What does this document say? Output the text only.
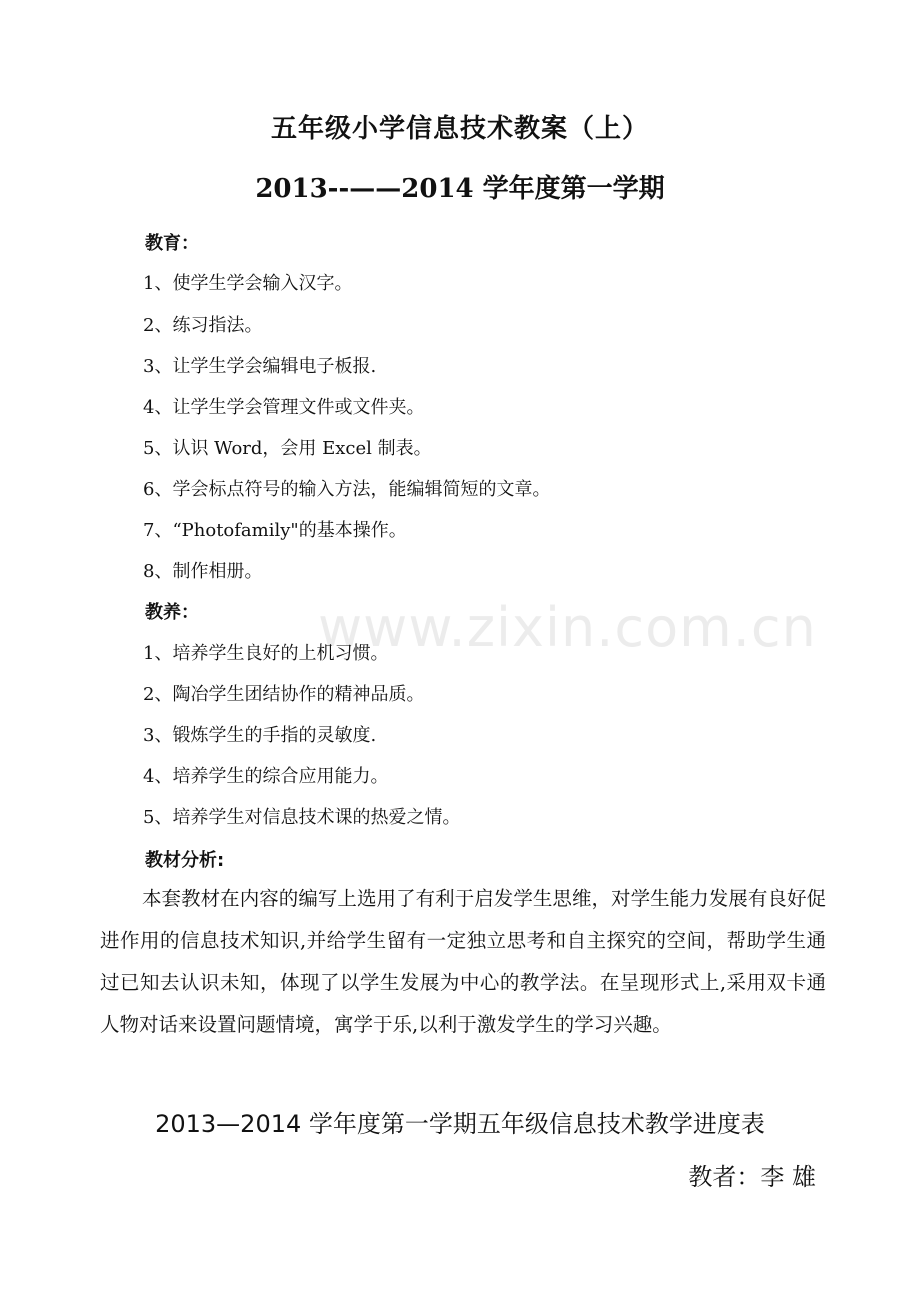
www.zixin.com.cn
五年级小学信息技术教案（上）
2013--——2014 学年度第一学期
教育：
1、使学生学会输入汉字。
2、练习指法。
3、让学生学会编辑电子板报.
4、让学生学会管理文件或文件夹。
5、认识 Word，会用 Excel 制表。
6、学会标点符号的输入方法，能编辑简短的文章。
7、“Photofamily"的基本操作。
8、制作相册。
教养：
1、培养学生良好的上机习惯。
2、陶冶学生团结协作的精神品质。
3、锻炼学生的手指的灵敏度.
4、培养学生的综合应用能力。
5、培养学生对信息技术课的热爱之情。
教材分析:
本套教材在内容的编写上选用了有利于启发学生思维，对学生能力发展有良好促进作用的信息技术知识,并给学生留有一定独立思考和自主探究的空间，帮助学生通过已知去认识未知，体现了以学生发展为中心的教学法。在呈现形式上,采用双卡通人物对话来设置问题情境，寓学于乐,以利于激发学生的学习兴趣。
2013—2014 学年度第一学期五年级信息技术教学进度表
教者：李 雄
